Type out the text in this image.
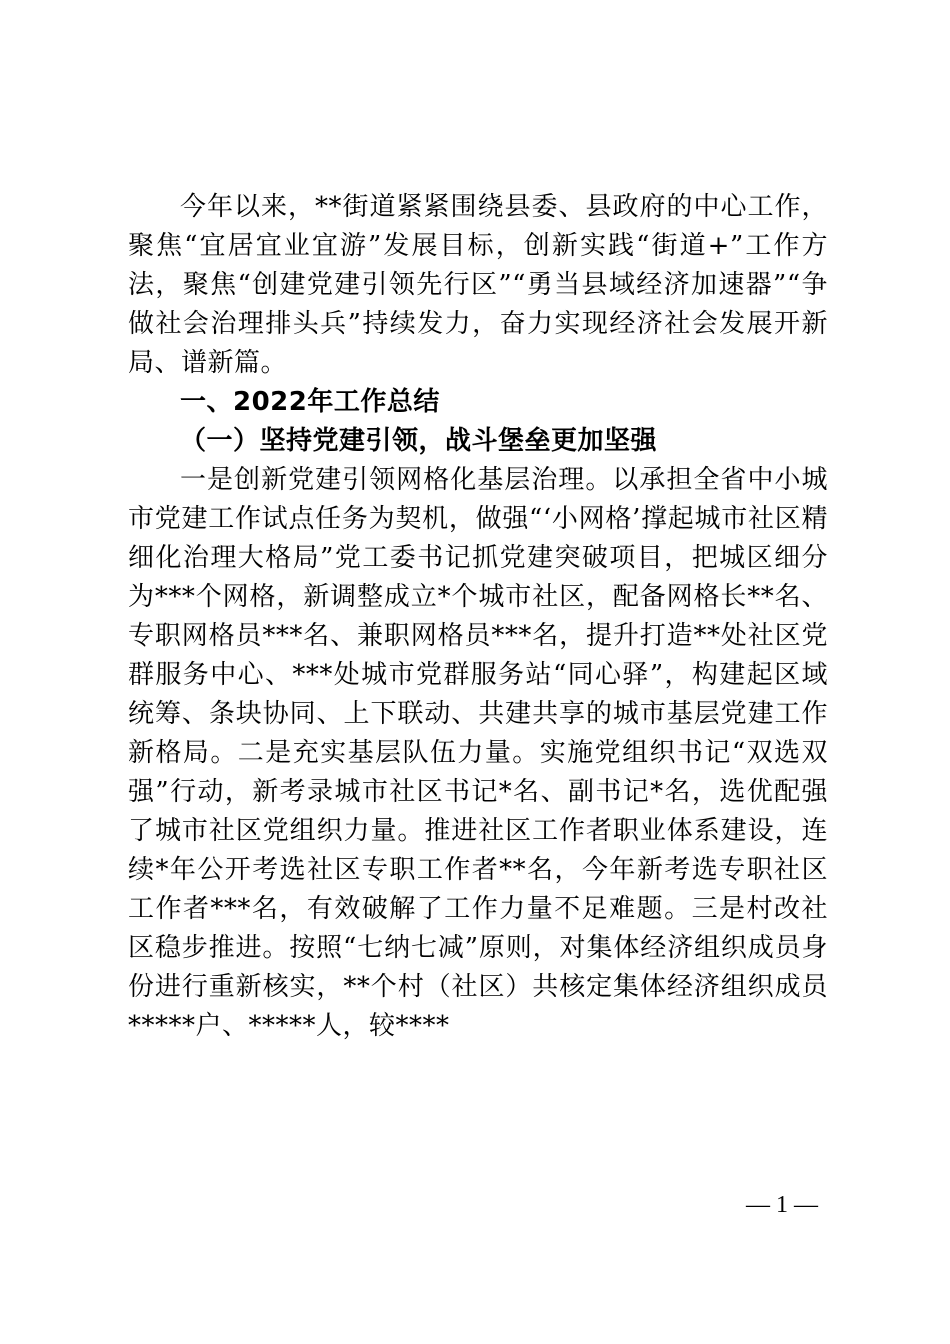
今年以来，**街道紧紧围绕县委、县政府的中心工作，聚焦“宜居宜业宜游”发展目标，创新实践“街道+”工作方法，聚焦“创建党建引领先行区”“勇当县域经济加速器”“争做社会治理排头兵”持续发力，奋力实现经济社会发展开新局、谱新篇。

一、2022年工作总结

（一）坚持党建引领，战斗堡垒更加坚强

一是创新党建引领网格化基层治理。以承担全省中小城市党建工作试点任务为契机，做强“‘小网格’撑起城市社区精细化治理大格局”党工委书记抓党建突破项目，把城区细分为***个网格，新调整成立*个城市社区，配备网格长**名、专职网格员***名、兼职网格员***名，提升打造**处社区党群服务中心、***处城市党群服务站“同心驿”，构建起区域统筹、条块协同、上下联动、共建共享的城市基层党建工作新格局。二是充实基层队伍力量。实施党组织书记“双选双强”行动，新考录城市社区书记*名、副书记*名，选优配强了城市社区党组织力量。推进社区工作者职业体系建设，连续*年公开考选社区专职工作者**名，今年新考选专职社区工作者***名，有效破解了工作力量不足难题。三是村改社区稳步推进。按照“七纳七减”原则，对集体经济组织成员身份进行重新核实，**个村（社区）共核定集体经济组织成员*****户、*****人，较****

— 1 —
